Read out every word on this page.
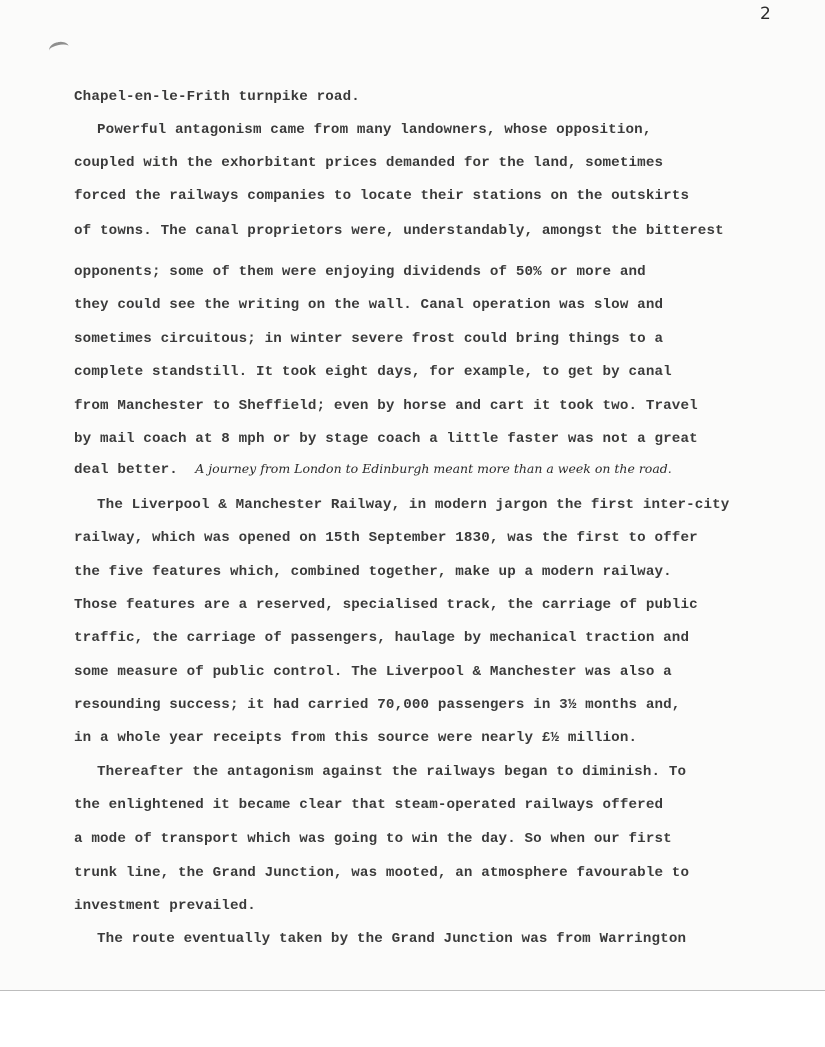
2
Chapel-en-le-Frith turnpike road.
Powerful antagonism came from many landowners, whose opposition,
coupled with the exhorbitant prices demanded for the land, sometimes
forced the railways companies to locate their stations on the outskirts
of towns. The canal proprietors were, understandably, amongst the bitterest
opponents; some of them were enjoying dividends of 50% or more and
they could see the writing on the wall. Canal operation was slow and
sometimes circuitous; in winter severe frost could bring things to a
complete standstill. It took eight days, for example, to get by canal
from Manchester to Sheffield; even by horse and cart it took two. Travel
by mail coach at 8 mph or by stage coach a little faster was not a great
deal better. A journey from London to Edinburgh meant more than a week on the road.
The Liverpool & Manchester Railway, in modern jargon the first inter-city
railway, which was opened on 15th September 1830, was the first to offer
the five features which, combined together, make up a modern railway.
Those features are a reserved, specialised track, the carriage of public
traffic, the carriage of passengers, haulage by mechanical traction and
some measure of public control. The Liverpool & Manchester was also a
resounding success; it had carried 70,000 passengers in 3½ months and,
in a whole year receipts from this source were nearly £½ million.
Thereafter the antagonism against the railways began to diminish. To
the enlightened it became clear that steam-operated railways offered
a mode of transport which was going to win the day. So when our first
trunk line, the Grand Junction, was mooted, an atmosphere favourable to
investment prevailed.
The route eventually taken by the Grand Junction was from Warrington
